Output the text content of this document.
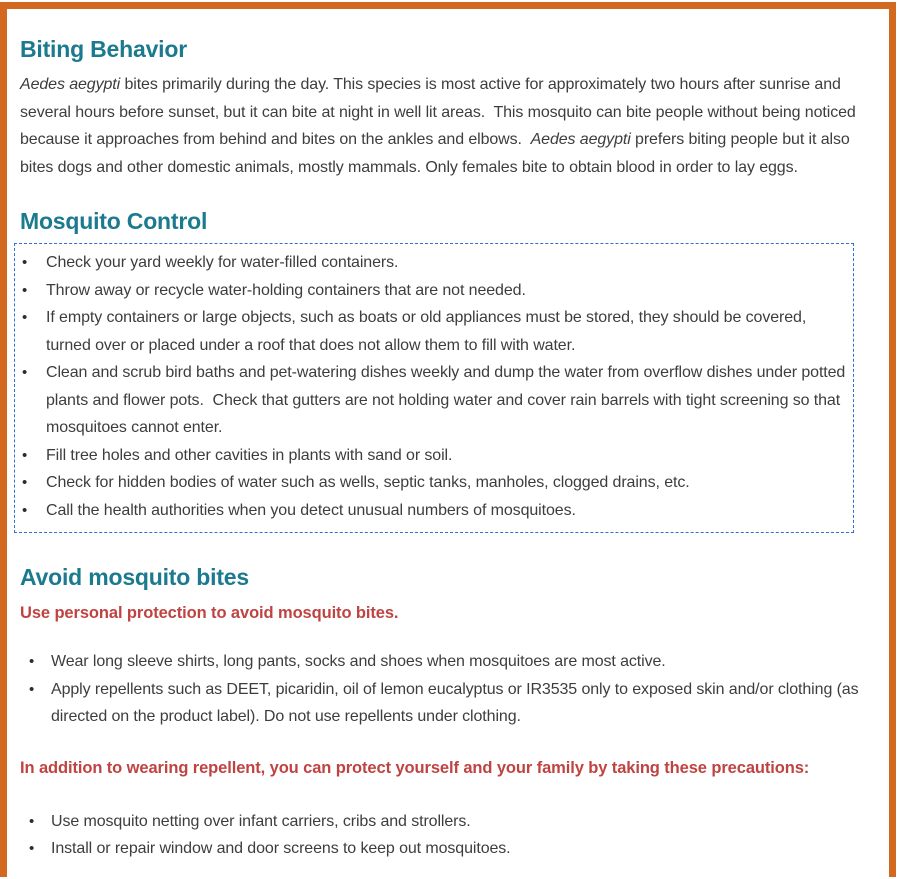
Biting Behavior

Aedes aegypti bites primarily during the day. This species is most active for approximately two hours after sunrise and several hours before sunset, but it can bite at night in well lit areas.  This mosquito can bite people without being noticed because it approaches from behind and bites on the ankles and elbows.  Aedes aegypti prefers biting people but it also bites dogs and other domestic animals, mostly mammals. Only females bite to obtain blood in order to lay eggs.

Mosquito Control
• Check your yard weekly for water-filled containers.
• Throw away or recycle water-holding containers that are not needed.
• If empty containers or large objects, such as boats or old appliances must be stored, they should be covered, turned over or placed under a roof that does not allow them to fill with water.
• Clean and scrub bird baths and pet-watering dishes weekly and dump the water from overflow dishes under potted plants and flower pots.  Check that gutters are not holding water and cover rain barrels with tight screening so that mosquitoes cannot enter.
• Fill tree holes and other cavities in plants with sand or soil.
• Check for hidden bodies of water such as wells, septic tanks, manholes, clogged drains, etc.
• Call the health authorities when you detect unusual numbers of mosquitoes.
Avoid mosquito bites

Use personal protection to avoid mosquito bites.

• Wear long sleeve shirts, long pants, socks and shoes when mosquitoes are most active.
• Apply repellents such as DEET, picaridin, oil of lemon eucalyptus or IR3535 only to exposed skin and/or clothing (as directed on the product label). Do not use repellents under clothing.

In addition to wearing repellent, you can protect yourself and your family by taking these precautions:

• Use mosquito netting over infant carriers, cribs and strollers.
• Install or repair window and door screens to keep out mosquitoes.
